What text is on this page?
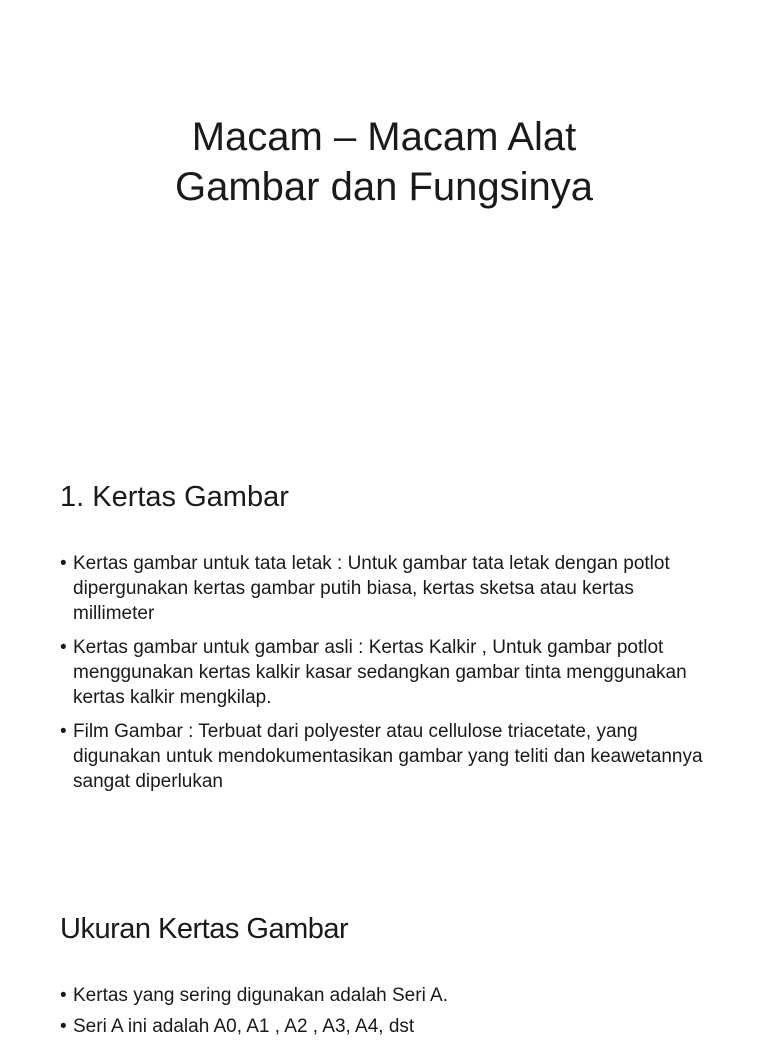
Macam – Macam Alat
Gambar dan Fungsinya
1. Kertas Gambar
• Kertas gambar untuk tata letak : Untuk gambar tata letak dengan potlot dipergunakan kertas gambar putih biasa, kertas sketsa atau kertas millimeter
• Kertas gambar untuk gambar asli : Kertas Kalkir , Untuk gambar potlot menggunakan kertas kalkir kasar sedangkan gambar tinta menggunakan kertas kalkir mengkilap.
• Film Gambar : Terbuat dari polyester atau cellulose triacetate, yang digunakan untuk mendokumentasikan gambar yang teliti dan keawetannya sangat diperlukan
Ukuran Kertas Gambar
• Kertas yang sering digunakan adalah Seri A.
• Seri A ini adalah A0, A1 , A2 , A3, A4, dst
